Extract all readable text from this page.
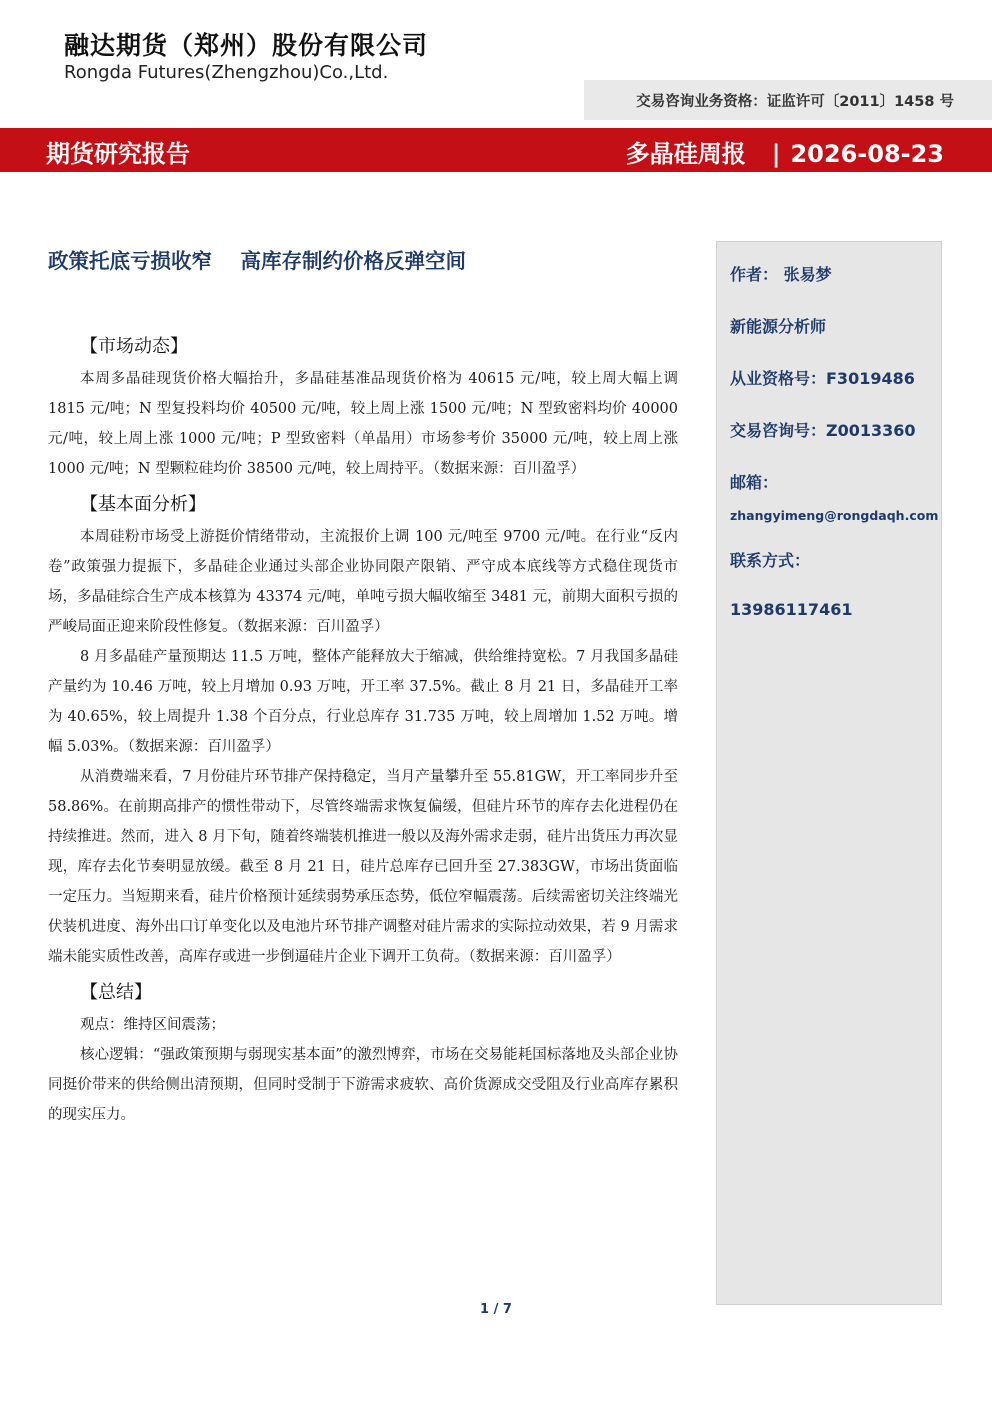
融达期货（郑州）股份有限公司
Rongda Futures(Zhengzhou)Co.,Ltd.
交易咨询业务资格：证监许可〔2011〕1458 号
期货研究报告	多晶硅周报 | 2026-08-23
政策托底亏损收窄    高库存制约价格反弹空间
【市场动态】

本周多晶硅现货价格大幅抬升，多晶硅基准品现货价格为 40615 元/吨，较上周大幅上调 1815 元/吨；N 型复投料均价 40500 元/吨，较上周上涨 1500 元/吨；N 型致密料均价 40000 元/吨，较上周上涨 1000 元/吨；P 型致密料（单晶用）市场参考价 35000 元/吨，较上周上涨 1000 元/吨；N 型颗粒硅均价 38500 元/吨，较上周持平。（数据来源：百川盈孚）

【基本面分析】

本周硅粉市场受上游挺价情绪带动，主流报价上调 100 元/吨至 9700 元/吨。在行业“反内卷”政策强力提振下，多晶硅企业通过头部企业协同限产限销、严守成本底线等方式稳住现货市场，多晶硅综合生产成本核算为 43374 元/吨，单吨亏损大幅收缩至 3481 元，前期大面积亏损的严峻局面正迎来阶段性修复。（数据来源：百川盈孚）

8 月多晶硅产量预期达 11.5 万吨，整体产能释放大于缩减，供给维持宽松。7 月我国多晶硅产量约为 10.46 万吨，较上月增加 0.93 万吨，开工率 37.5%。截止 8 月 21 日，多晶硅开工率为 40.65%，较上周提升 1.38 个百分点，行业总库存 31.735 万吨，较上周增加 1.52 万吨。增幅 5.03%。（数据来源：百川盈孚）

从消费端来看，7 月份硅片环节排产保持稳定，当月产量攀升至 55.81GW，开工率同步升至 58.86%。在前期高排产的惯性带动下，尽管终端需求恢复偏缓，但硅片环节的库存去化进程仍在持续推进。然而，进入 8 月下旬，随着终端装机推进一般以及海外需求走弱，硅片出货压力再次显现，库存去化节奏明显放缓。截至 8 月 21 日，硅片总库存已回升至 27.383GW，市场出货面临一定压力。当短期来看，硅片价格预计延续弱势承压态势，低位窄幅震荡。后续需密切关注终端光伏装机进度、海外出口订单变化以及电池片环节排产调整对硅片需求的实际拉动效果，若 9 月需求端未能实质性改善，高库存或进一步倒逼硅片企业下调开工负荷。（数据来源：百川盈孚）

【总结】

观点：维持区间震荡；

核心逻辑：“强政策预期与弱现实基本面”的激烈博弈，市场在交易能耗国标落地及头部企业协同挺价带来的供给侧出清预期，但同时受制于下游需求疲软、高价货源成交受阻及行业高库存累积的现实压力。

作者： 张易梦
新能源分析师
从业资格号：F3019486
交易咨询号：Z0013360
邮箱：
zhangyimeng@rongdaqh.com
联系方式：
13986117461
1 / 7
